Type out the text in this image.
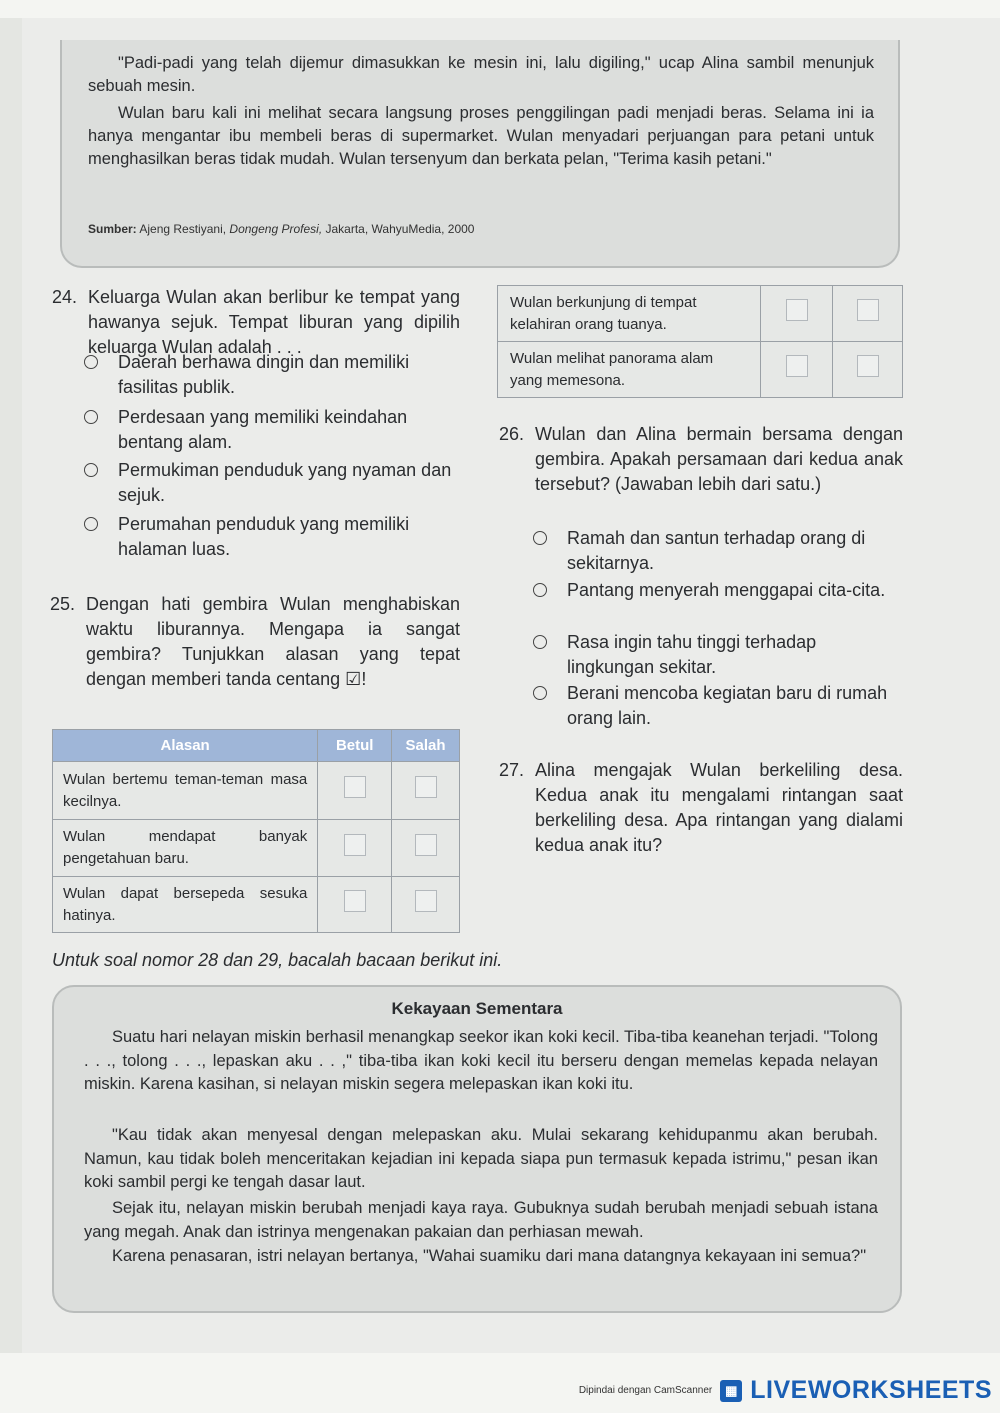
"Padi-padi yang telah dijemur dimasukkan ke mesin ini, lalu digiling," ucap Alina sambil menunjuk sebuah mesin.
Wulan baru kali ini melihat secara langsung proses penggilingan padi menjadi beras. Selama ini ia hanya mengantar ibu membeli beras di supermarket. Wulan menyadari perjuangan para petani untuk menghasilkan beras tidak mudah. Wulan tersenyum dan berkata pelan, "Terima kasih petani."
Sumber: Ajeng Restiyani, Dongeng Profesi, Jakarta, WahyuMedia, 2000
24. Keluarga Wulan akan berlibur ke tempat yang hawanya sejuk. Tempat liburan yang dipilih keluarga Wulan adalah . . .
Daerah berhawa dingin dan memiliki fasilitas publik.
Perdesaan yang memiliki keindahan bentang alam.
Permukiman penduduk yang nyaman dan sejuk.
Perumahan penduduk yang memiliki halaman luas.
25. Dengan hati gembira Wulan menghabiskan waktu liburannya. Mengapa ia sangat gembira? Tunjukkan alasan yang tepat dengan memberi tanda centang ☑!
Alasan	Betul	Salah
Wulan bertemu teman-teman masa kecilnya.		
Wulan mendapat banyak pengetahuan baru.		
Wulan dapat bersepeda sesuka hatinya.		
Wulan berkunjung di tempat kelahiran orang tuanya.		
Wulan melihat panorama alam yang memesona.		
26. Wulan dan Alina bermain bersama dengan gembira. Apakah persamaan dari kedua anak tersebut? (Jawaban lebih dari satu.)
Ramah dan santun terhadap orang di sekitarnya.
Pantang menyerah menggapai cita-cita.
Rasa ingin tahu tinggi terhadap lingkungan sekitar.
Berani mencoba kegiatan baru di rumah orang lain.
27. Alina mengajak Wulan berkeliling desa. Kedua anak itu mengalami rintangan saat berkeliling desa. Apa rintangan yang dialami kedua anak itu?
Untuk soal nomor 28 dan 29, bacalah bacaan berikut ini.
Kekayaan Sementara
Suatu hari nelayan miskin berhasil menangkap seekor ikan koki kecil. Tiba-tiba keanehan terjadi. "Tolong . . ., tolong . . ., lepaskan aku . . ," tiba-tiba ikan koki kecil itu berseru dengan memelas kepada nelayan miskin. Karena kasihan, si nelayan miskin segera melepaskan ikan koki itu.
"Kau tidak akan menyesal dengan melepaskan aku. Mulai sekarang kehidupanmu akan berubah. Namun, kau tidak boleh menceritakan kejadian ini kepada siapa pun termasuk kepada istrimu," pesan ikan koki sambil pergi ke tengah dasar laut.
Sejak itu, nelayan miskin berubah menjadi kaya raya. Gubuknya sudah berubah menjadi sebuah istana yang megah. Anak dan istrinya mengenakan pakaian dan perhiasan mewah.
Karena penasaran, istri nelayan bertanya, "Wahai suamiku dari mana datangnya kekayaan ini semua?"
Dipindai dengan CamScanner ▦ LIVEWORKSHEETS
